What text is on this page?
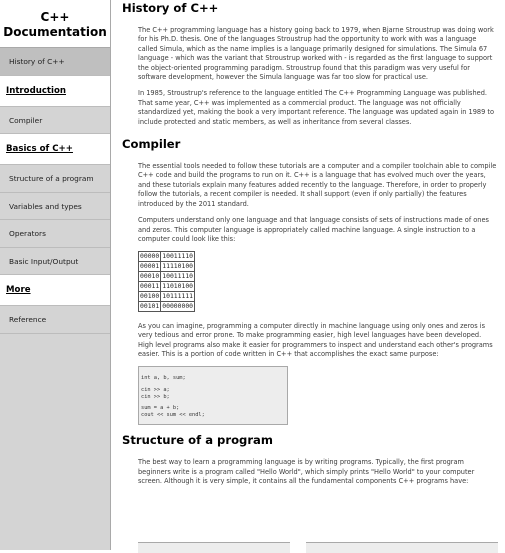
C++
Documentation
History of C++
Introduction
Compiler
Basics of C++
Structure of a program
Variables and types
Operators
Basic Input/Output
More
Reference
History of C++

The C++ programming language has a history going back to 1979, when Bjarne Stroustrup was doing work for his Ph.D. thesis. One of the languages Stroustrup had the opportunity to work with was a language called Simula, which as the name implies is a language primarily designed for simulations. The Simula 67 language - which was the variant that Stroustrup worked with - is regarded as the first language to support the object-oriented programming paradigm. Stroustrup found that this paradigm was very useful for software development, however the Simula language was far too slow for practical use.

In 1985, Stroustrup's reference to the language entitled The C++ Programming Language was published. That same year, C++ was implemented as a commercial product. The language was not officially standardized yet, making the book a very important reference. The language was updated again in 1989 to include protected and static members, as well as inheritance from several classes.

Compiler

The essential tools needed to follow these tutorials are a computer and a compiler toolchain able to compile C++ code and build the programs to run on it. C++ is a language that has evolved much over the years, and these tutorials explain many features added recently to the language. Therefore, in order to properly follow the tutorials, a recent compiler is needed. It shall support (even if only partially) the features introduced by the 2011 standard.

Computers understand only one language and that language consists of sets of instructions made of ones and zeros. This computer language is appropriately called machine language. A single instruction to a computer could look like this:

00000	10011110
00001	11110100
00010	10011110
00011	11010100
00100	10111111
00101	00000000

As you can imagine, programming a computer directly in machine language using only ones and zeros is very tedious and error prone. To make programming easier, high level languages have been developed. High level programs also make it easier for programmers to inspect and understand each other's programs easier. This is a portion of code written in C++ that accomplishes the exact same purpose:

int a, b, sum;
cin >> a;
cin >> b;
sum = a + b;
cout << sum << endl;
Structure of a program

The best way to learn a programming language is by writing programs. Typically, the first program beginners write is a program called "Hello World", which simply prints "Hello World" to your computer screen. Although it is very simple, it contains all the fundamental components C++ programs have:
